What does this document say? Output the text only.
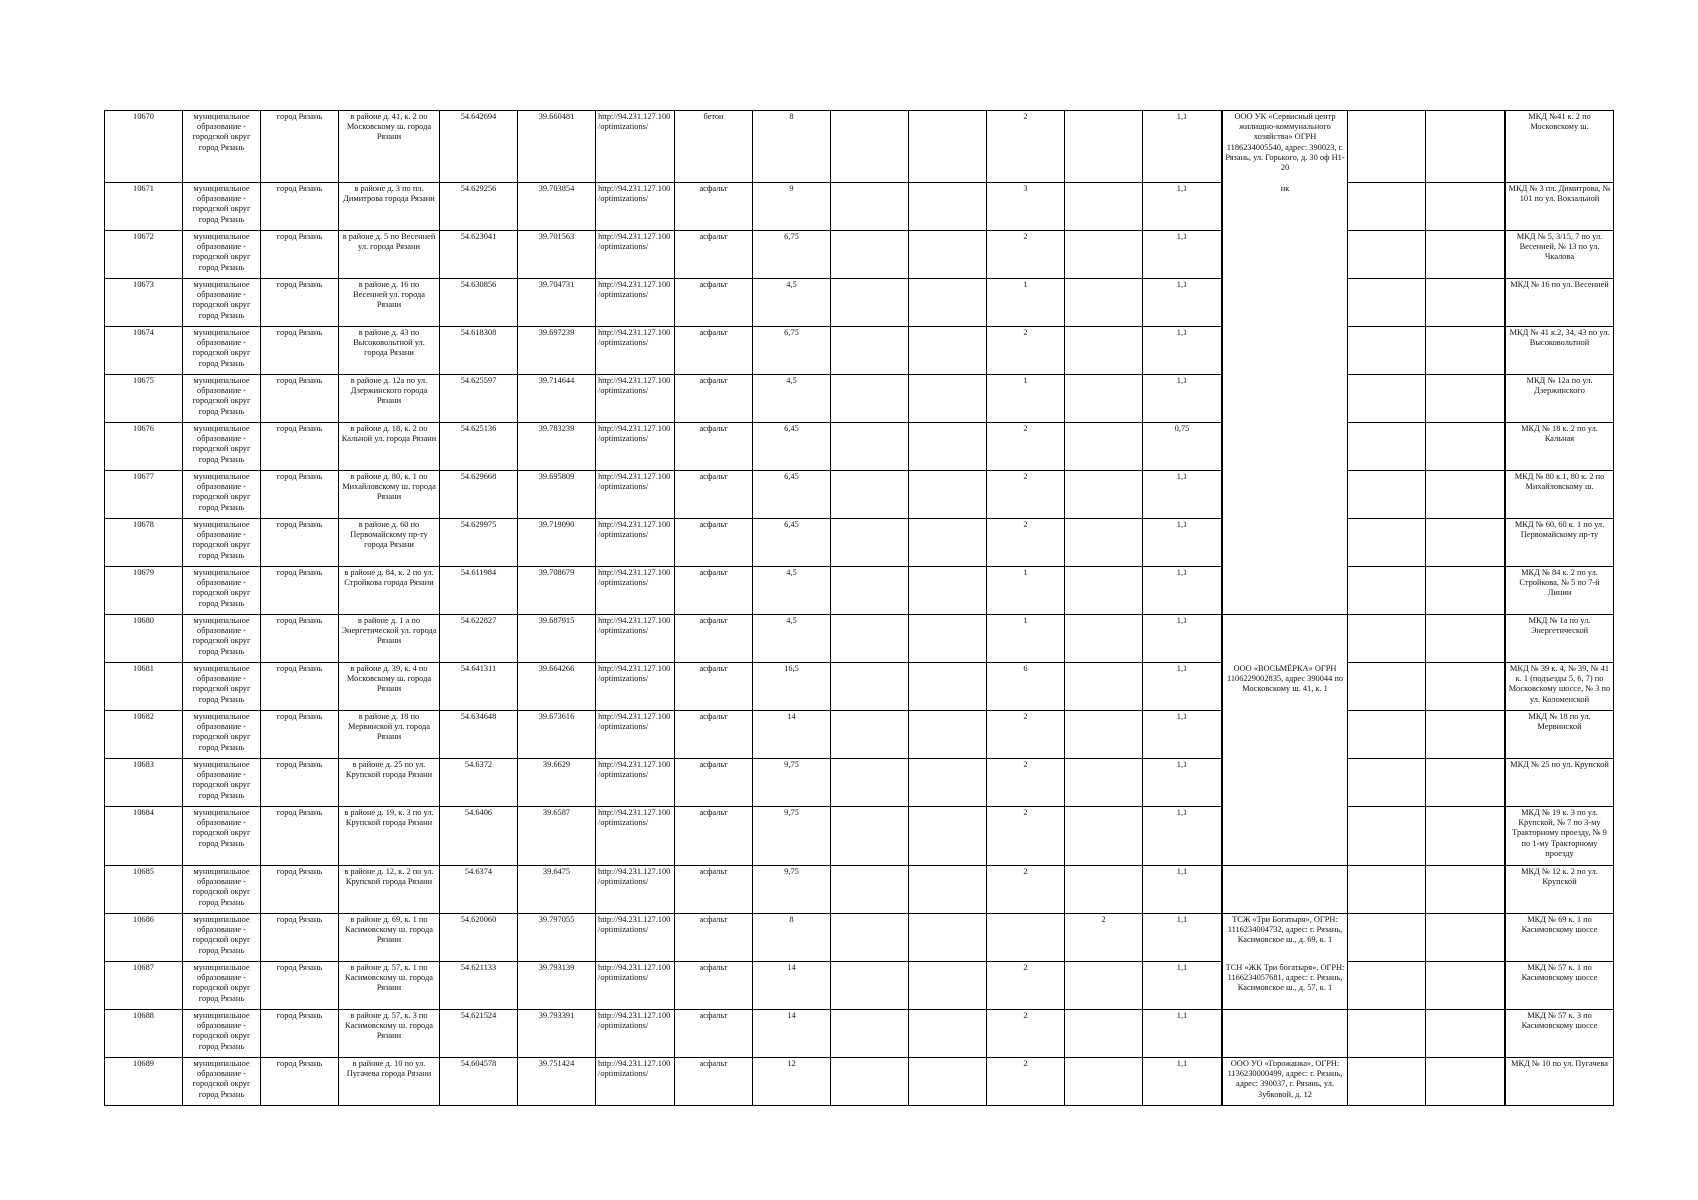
10670	муниципальное образование - городской округ город Рязань	город Рязань	в районе д. 41, к. 2 по Московскому ш. города Рязани	54.642694	39.660481	http://94.231.127.100/optimizations/	бетон	8			2		1,1		ООО УК «Сервисный центр жилищно-коммунального хозяйства» ОГРН 1186234005540, адрес: 390023, г. Рязань, ул. Горького, д. 30 оф Н1-20				МКД №41 к. 2 по Московскому ш.
10671	муниципальное образование - городской округ город Рязань	город Рязань	в районе д. 3 по пл. Димитрова города Рязани	54.629256	39.703854	http://94.231.127.100/optimizations/	асфальт	9			3		1,1		нк				МКД № 3 пл. Димитрова, № 101 по ул. Вокзальной
10672	муниципальное образование - городской округ город Рязань	город Рязань	в районе д. 5 по Весенней ул. города Рязани	54.623041	39.701563	http://94.231.127.100/optimizations/	асфальт	6,75			2		1,1						МКД № 5, 3/15, 7 по ул. Весенней, № 13 по ул. Чкалова
10673	муниципальное образование - городской округ город Рязань	город Рязань	в районе д. 16 по Весенней ул. города Рязани	54.630856	39.704731	http://94.231.127.100/optimizations/	асфальт	4,5			1		1,1						МКД № 16 по ул. Весенней
10674	муниципальное образование - городской округ город Рязань	город Рязань	в районе д. 43 по Высоковольтной ул. города Рязани	54.618308	39.697239	http://94.231.127.100/optimizations/	асфальт	6,75			2		1,1						МКД № 41 к.2, 34, 43 по ул. Высоковольтной
10675	муниципальное образование - городской округ город Рязань	город Рязань	в районе д. 12а по ул. Дзержинского города Рязани	54.625597	39.714644	http://94.231.127.100/optimizations/	асфальт	4,5			1		1,1						МКД № 12а по ул. Дзержинского
10676	муниципальное образование - городской округ город Рязань	город Рязань	в районе д. 18, к. 2 по Кальной ул. города Рязани	54.625136	39.783239	http://94.231.127.100/optimizations/	асфальт	6,45			2		0,75						МКД № 18 к. 2 по ул. Кальная
10677	муниципальное образование - городской округ город Рязань	город Рязань	в районе д. 80, к. 1 по Михайловскому ш. города Рязани	54.629668	39.695809	http://94.231.127.100/optimizations/	асфальт	6,45			2		1,1						МКД № 80 к.1, 80 к. 2 по Михайловскому ш.
10678	муниципальное образование - городской округ город Рязань	город Рязань	в районе д. 60 по Первомайскому пр-ту города Рязани	54.629975	39.719090	http://94.231.127.100/optimizations/	асфальт	6,45			2		1,1						МКД № 60, 60 к. 1 по ул. Первомайскому пр-ту
10679	муниципальное образование - городской округ город Рязань	город Рязань	в районе д. 84, к. 2 по ул. Стройкова города Рязани	54.611984	39.708679	http://94.231.127.100/optimizations/	асфальт	4,5			1		1,1						МКД № 84 к. 2 по ул. Стройкова, № 5 по 7-й Линии
10680	муниципальное образование - городской округ город Рязань	город Рязань	в районе д. 1 а по Энергетической ул. города Рязани	54.622827	39.687915	http://94.231.127.100/optimizations/	асфальт	4,5			1		1,1						МКД № 1а по ул. Энергетической
10681	муниципальное образование - городской округ город Рязань	город Рязань	в районе д. 39, к. 4 по Московскому ш. города Рязани	54.641311	39.664266	http://94.231.127.100/optimizations/	асфальт	16,5			6		1,1		ООО «ВОСЬМЁРКА» ОГРН 1106229002835, адрес 390044 по Московскому ш. 41, к. 1				МКД № 39 к. 4, № 39, № 41 к. 1 (подъезды 5, 6, 7) по Московскому шоссе, № 3 по ул. Коломенской
10682	муниципальное образование - городской округ город Рязань	город Рязань	в районе д. 18 по Мервинской ул. города Рязани	54.634648	39.673616	http://94.231.127.100/optimizations/	асфальт	14			2		1,1						МКД № 18 по ул. Мервинской
10683	муниципальное образование - городской округ город Рязань	город Рязань	в районе д. 25 по ул. Крупской города Рязани	54.6372	39.6629	http://94.231.127.100/optimizations/	асфальт	9,75			2		1,1						МКД № 25 по ул. Крупской
10684	муниципальное образование - городской округ город Рязань	город Рязань	в районе д. 19, к. 3 по ул. Крупской города Рязани	54.6406	39.6587	http://94.231.127.100/optimizations/	асфальт	9,75			2		1,1						МКД № 19 к. 3 по ул. Крупской, № 7 по 3-му Тракторному проезду, № 9 по 1-му Тракторному проезду
10685	муниципальное образование - городской округ город Рязань	город Рязань	в районе д. 12, к. 2 по ул. Крупской города Рязани	54.6374	39.6475	http://94.231.127.100/optimizations/	асфальт	9,75			2		1,1						МКД № 12 к. 2 по ул. Крупской
10686	муниципальное образование - городской округ город Рязань	город Рязань	в районе д. 69, к. 1 по Касимовскому ш. города Рязани	54.620060	39.797055	http://94.231.127.100/optimizations/	асфальт	8				2	1,1		ТСЖ «Три Богатыря», ОГРН: 1116234004732, адрес: г. Рязань, Касимовское ш., д. 69, к. 1				МКД № 69 к. 1 по Касимовскому шоссе
10687	муниципальное образование - городской округ город Рязань	город Рязань	в районе д. 57, к. 1 по Касимовскому ш. города Рязани	54.621133	39.793139	http://94.231.127.100/optimizations/	асфальт	14			2		1,1		ТСН «ЖК Три богатыря», ОГРН: 1166234057681, адрес: г. Рязань, Касимовское ш., д. 57, к. 1				МКД № 57 к. 1 по Касимовскому шоссе
10688	муниципальное образование - городской округ город Рязань	город Рязань	в районе д. 57, к. 3 по Касимовскому ш. города Рязани	54.621524	39.793391	http://94.231.127.100/optimizations/	асфальт	14			2		1,1						МКД № 57 к. 3 по Касимовскому шоссе
10689	муниципальное образование - городской округ город Рязань	город Рязань	в районе д. 10 по ул. Пугачева города Рязани	54.604578	39.751424	http://94.231.127.100/optimizations/	асфальт	12			2		1,1		ООО УО «Горожанка», ОГРН: 1136230000499, адрес: г. Рязань, адрес: 390037, г. Рязань, ул. Зубковой, д. 12				МКД № 10 по ул. Пугачева
